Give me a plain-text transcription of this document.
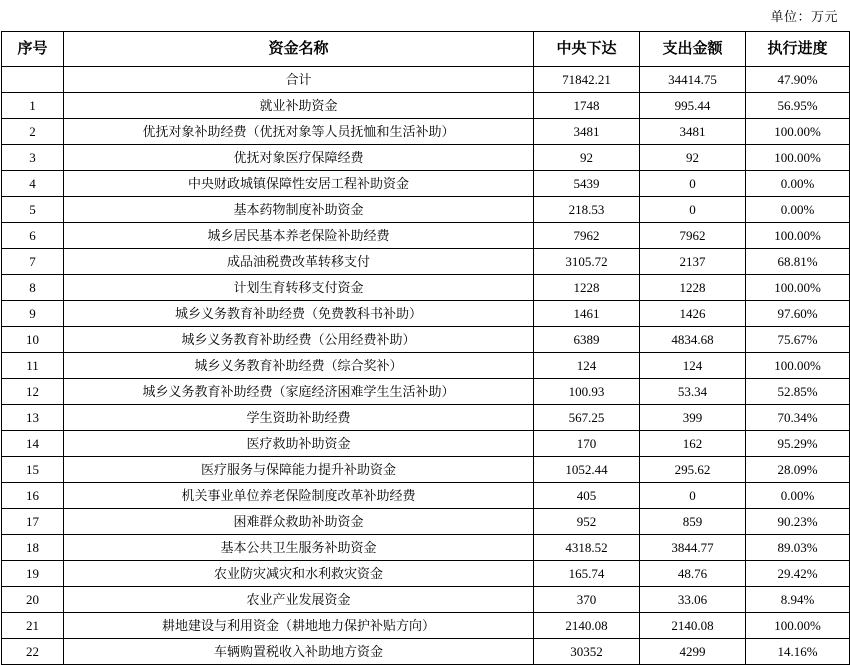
单位：万元
序号	资金名称	中央下达	支出金额	执行进度
	合计	71842.21	34414.75	47.90%
1	就业补助资金	1748	995.44	56.95%
2	优抚对象补助经费（优抚对象等人员抚恤和生活补助）	3481	3481	100.00%
3	优抚对象医疗保障经费	92	92	100.00%
4	中央财政城镇保障性安居工程补助资金	5439	0	0.00%
5	基本药物制度补助资金	218.53	0	0.00%
6	城乡居民基本养老保险补助经费	7962	7962	100.00%
7	成品油税费改革转移支付	3105.72	2137	68.81%
8	计划生育转移支付资金	1228	1228	100.00%
9	城乡义务教育补助经费（免费教科书补助）	1461	1426	97.60%
10	城乡义务教育补助经费（公用经费补助）	6389	4834.68	75.67%
11	城乡义务教育补助经费（综合奖补）	124	124	100.00%
12	城乡义务教育补助经费（家庭经济困难学生生活补助）	100.93	53.34	52.85%
13	学生资助补助经费	567.25	399	70.34%
14	医疗救助补助资金	170	162	95.29%
15	医疗服务与保障能力提升补助资金	1052.44	295.62	28.09%
16	机关事业单位养老保险制度改革补助经费	405	0	0.00%
17	困难群众救助补助资金	952	859	90.23%
18	基本公共卫生服务补助资金	4318.52	3844.77	89.03%
19	农业防灾减灾和水利救灾资金	165.74	48.76	29.42%
20	农业产业发展资金	370	33.06	8.94%
21	耕地建设与利用资金（耕地地力保护补贴方向）	2140.08	2140.08	100.00%
22	车辆购置税收入补助地方资金	30352	4299	14.16%
